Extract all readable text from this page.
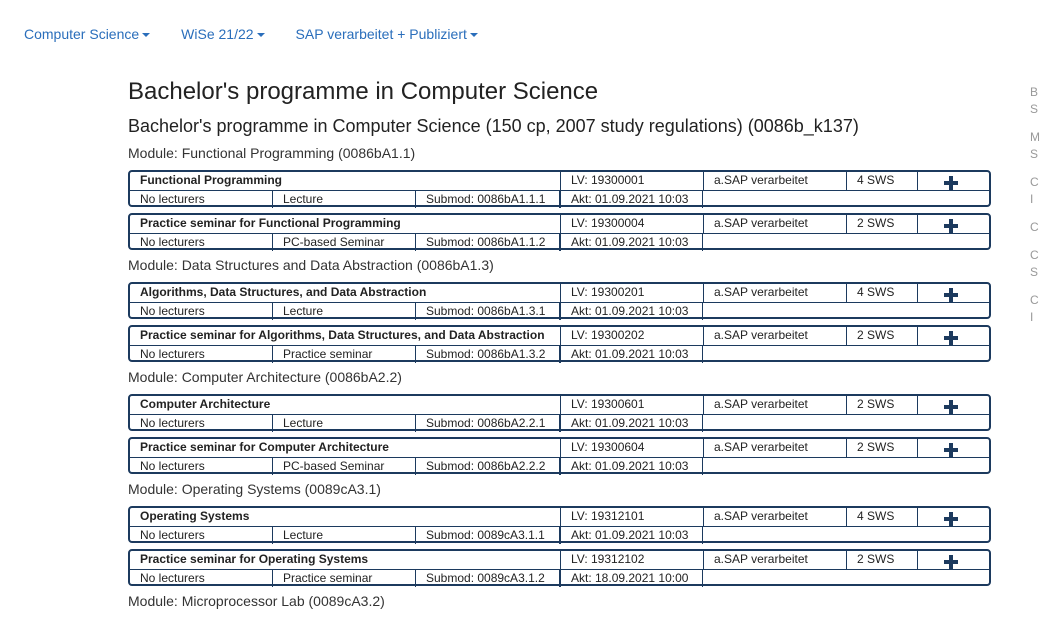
Computer Science	WiSe 21/22	SAP verarbeitet + Publiziert
Bachelor's programme in Computer Science
Bachelor's programme in Computer Science (150 cp, 2007 study regulations) (0086b_k137)
Module: Functional Programming (0086bA1.1)
Functional Programming	LV: 19300001	a.SAP verarbeitet	4 SWS
No lecturers	Lecture	Submod: 0086bA1.1.1	Akt: 01.09.2021 10:03
Practice seminar for Functional Programming	LV: 19300004	a.SAP verarbeitet	2 SWS
No lecturers	PC-based Seminar	Submod: 0086bA1.1.2	Akt: 01.09.2021 10:03
Module: Data Structures and Data Abstraction (0086bA1.3)
Algorithms, Data Structures, and Data Abstraction	LV: 19300201	a.SAP verarbeitet	4 SWS
No lecturers	Lecture	Submod: 0086bA1.3.1	Akt: 01.09.2021 10:03
Practice seminar for Algorithms, Data Structures, and Data Abstraction	LV: 19300202	a.SAP verarbeitet	2 SWS
No lecturers	Practice seminar	Submod: 0086bA1.3.2	Akt: 01.09.2021 10:03
Module: Computer Architecture (0086bA2.2)
Computer Architecture	LV: 19300601	a.SAP verarbeitet	2 SWS
No lecturers	Lecture	Submod: 0086bA2.2.1	Akt: 01.09.2021 10:03
Practice seminar for Computer Architecture	LV: 19300604	a.SAP verarbeitet	2 SWS
No lecturers	PC-based Seminar	Submod: 0086bA2.2.2	Akt: 01.09.2021 10:03
Module: Operating Systems (0089cA3.1)
Operating Systems	LV: 19312101	a.SAP verarbeitet	4 SWS
No lecturers	Lecture	Submod: 0089cA3.1.1	Akt: 01.09.2021 10:03
Practice seminar for Operating Systems	LV: 19312102	a.SAP verarbeitet	2 SWS
No lecturers	Practice seminar	Submod: 0089cA3.1.2	Akt: 18.09.2021 10:00
Module: Microprocessor Lab (0089cA3.2)
B
S
M
S
C
I
C
C
S
C
I
